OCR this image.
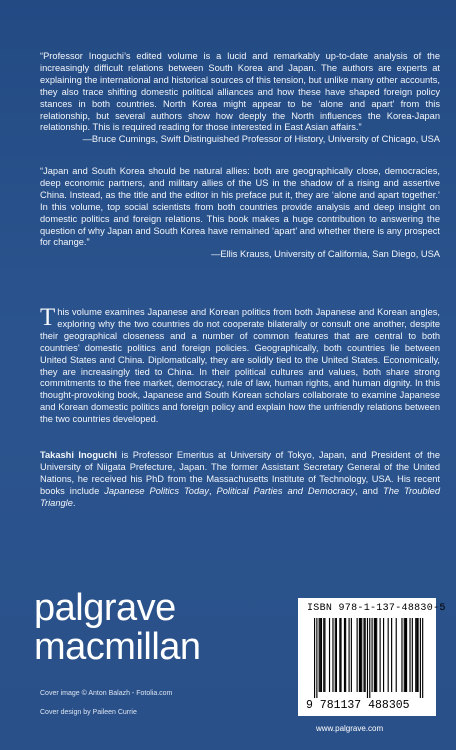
“Professor Inoguchi’s edited volume is a lucid and remarkably up-to-date analysis of the increasingly difficult relations between South Korea and Japan. The authors are experts at explaining the international and historical sources of this tension, but unlike many other accounts, they also trace shifting domestic political alliances and how these have shaped foreign policy stances in both countries. North Korea might appear to be ‘alone and apart’ from this relationship, but several authors show how deeply the North influences the Korea-Japan relationship. This is required reading for those interested in East Asian affairs.”

—Bruce Cumings, Swift Distinguished Professor of History, University of Chicago, USA

“Japan and South Korea should be natural allies: both are geographically close, democracies, deep economic partners, and military allies of the US in the shadow of a rising and assertive China. Instead, as the title and the editor in his preface put it, they are ‘alone and apart together.’ In this volume, top social scientists from both countries provide analysis and deep insight on domestic politics and foreign relations. This book makes a huge contribution to answering the question of why Japan and South Korea have remained ‘apart’ and whether there is any prospect for change.”

—Ellis Krauss, University of California, San Diego, USA
This volume examines Japanese and Korean politics from both Japanese and Korean angles, exploring why the two countries do not cooperate bilaterally or consult one another, despite their geographical closeness and a number of common features that are central to both countries’ domestic politics and foreign policies. Geographically, both countries lie between United States and China. Diplomatically, they are solidly tied to the United States. Economically, they are increasingly tied to China. In their political cultures and values, both share strong commitments to the free market, democracy, rule of law, human rights, and human dignity. In this thought-provoking book, Japanese and South Korean scholars collaborate to examine Japanese and Korean domestic politics and foreign policy and explain how the unfriendly relations between the two countries developed.
Takashi Inoguchi is Professor Emeritus at University of Tokyo, Japan, and President of the University of Niigata Prefecture, Japan. The former Assistant Secretary General of the United Nations, he received his PhD from the Massachusetts Institute of Technology, USA. His recent books include Japanese Politics Today, Political Parties and Democracy, and The Troubled Triangle.
palgrave
macmillan
Cover image © Anton Balazh - Fotolia.com
Cover design by Paileen Currie
ISBN 978-1-137-48830-5
9 781137 488305
www.palgrave.com
